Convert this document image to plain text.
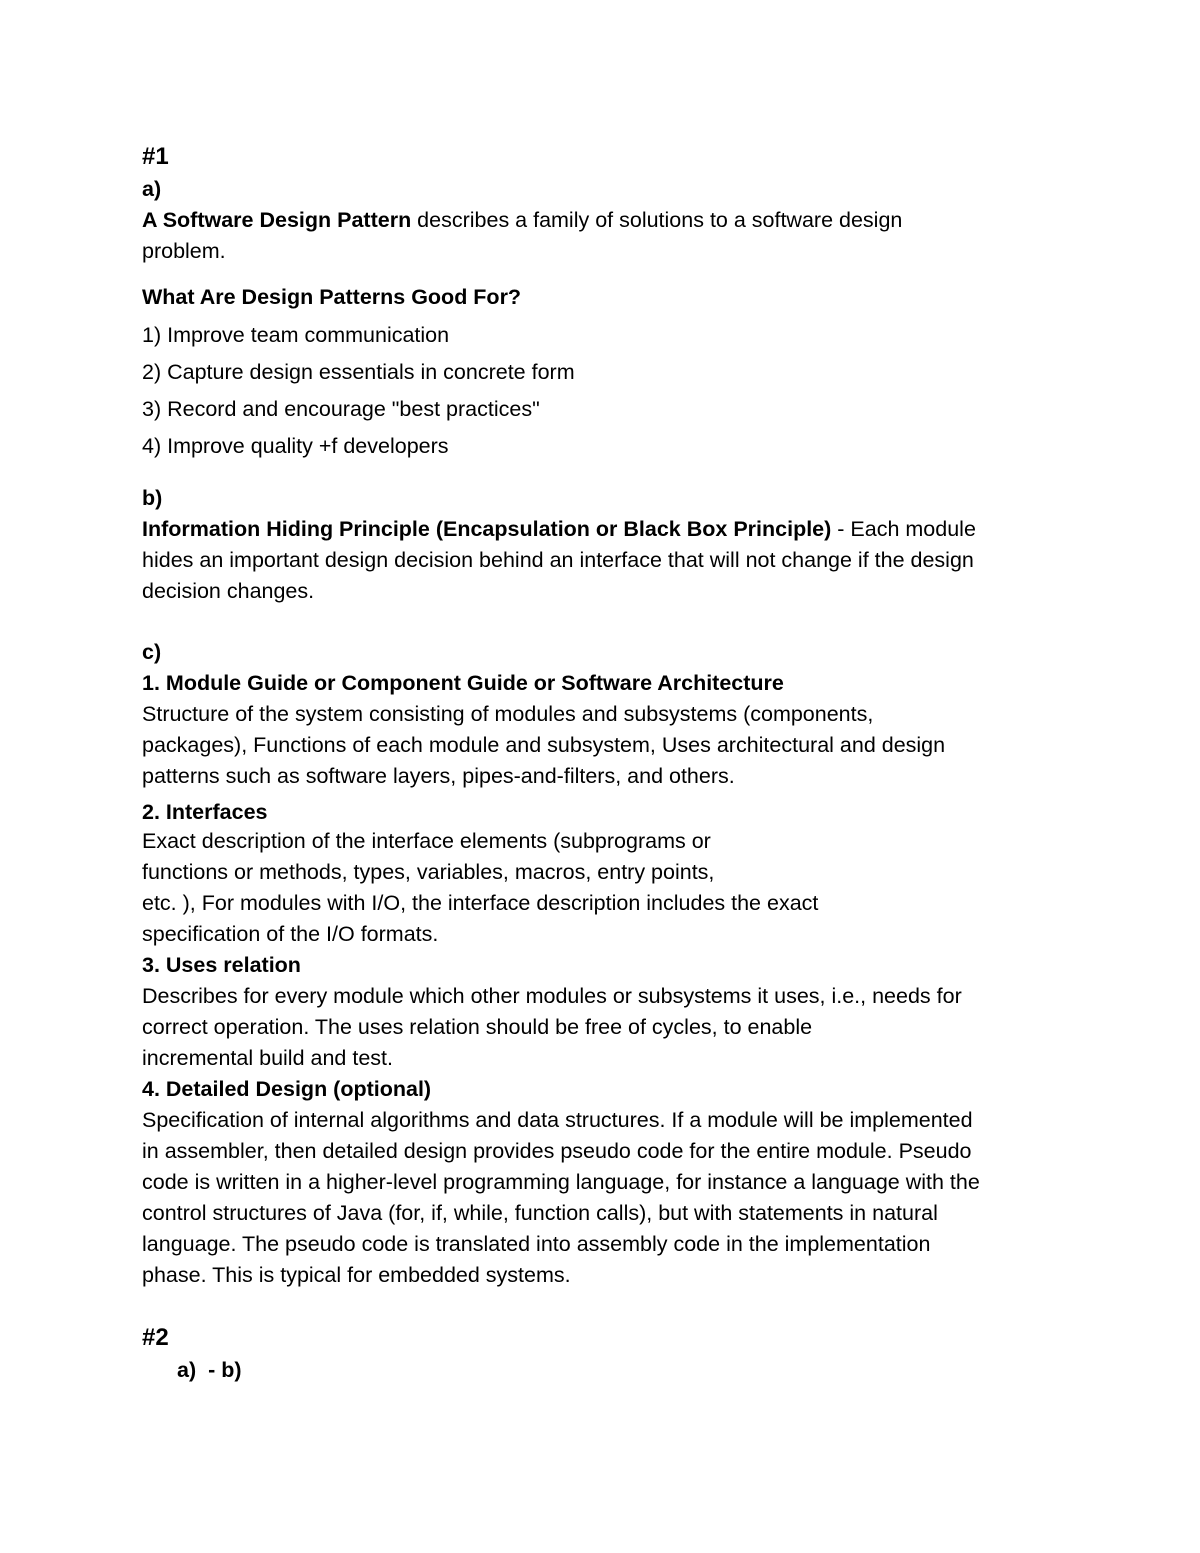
#1
a)
A Software Design Pattern describes a family of solutions to a software design
problem.
What Are Design Patterns Good For?
1) Improve team communication
2) Capture design essentials in concrete form
3) Record and encourage "best practices"
4) Improve quality +f developers
b)
Information Hiding Principle (Encapsulation or Black Box Principle) - Each module
hides an important design decision behind an interface that will not change if the design
decision changes.
c)
1. Module Guide or Component Guide or Software Architecture
Structure of the system consisting of modules and subsystems (components,
packages), Functions of each module and subsystem, Uses architectural and design
patterns such as software layers, pipes-and-filters, and others.
2. Interfaces
Exact description of the interface elements (subprograms or
functions or methods, types, variables, macros, entry points,
etc. ), For modules with I/O, the interface description includes the exact
specification of the I/O formats.
3. Uses relation
Describes for every module which other modules or subsystems it uses, i.e., needs for
correct operation. The uses relation should be free of cycles, to enable
incremental build and test.
4. Detailed Design (optional)
Specification of internal algorithms and data structures. If a module will be implemented
in assembler, then detailed design provides pseudo code for the entire module. Pseudo
code is written in a higher-level programming language, for instance a language with the
control structures of Java (for, if, while, function calls), but with statements in natural
language. The pseudo code is translated into assembly code in the implementation
phase. This is typical for embedded systems.
#2
a)  - b)
